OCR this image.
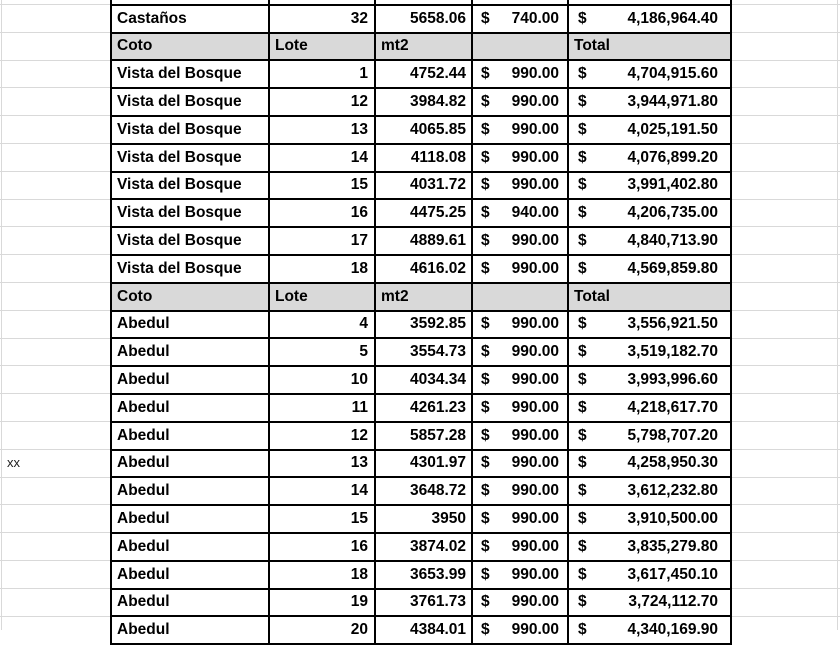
xx

Castaños	32	5658.06	$ 740.00	$ 4,186,964.40

Coto	Lote	mt2		Total
Vista del Bosque	1	4752.44	$ 990.00	$ 4,704,915.60

Vista del Bosque	12	3984.82	$ 990.00	$ 3,944,971.80

Vista del Bosque	13	4065.85	$ 990.00	$ 4,025,191.50

Vista del Bosque	14	4118.08	$ 990.00	$ 4,076,899.20

Vista del Bosque	15	4031.72	$ 990.00	$ 3,991,402.80

Vista del Bosque	16	4475.25	$ 940.00	$ 4,206,735.00

Vista del Bosque	17	4889.61	$ 990.00	$ 4,840,713.90

Vista del Bosque	18	4616.02	$ 990.00	$ 4,569,859.80

Coto	Lote	mt2		Total
Abedul	4	3592.85	$ 990.00	$ 3,556,921.50

Abedul	5	3554.73	$ 990.00	$ 3,519,182.70

Abedul	10	4034.34	$ 990.00	$ 3,993,996.60

Abedul	11	4261.23	$ 990.00	$ 4,218,617.70

Abedul	12	5857.28	$ 990.00	$ 5,798,707.20

Abedul	13	4301.97	$ 990.00	$ 4,258,950.30

Abedul	14	3648.72	$ 990.00	$ 3,612,232.80

Abedul	15	3950	$ 990.00	$ 3,910,500.00

Abedul	16	3874.02	$ 990.00	$ 3,835,279.80

Abedul	18	3653.99	$ 990.00	$ 3,617,450.10

Abedul	19	3761.73	$ 990.00	$ 3,724,112.70

Abedul	20	4384.01	$ 990.00	$ 4,340,169.90
